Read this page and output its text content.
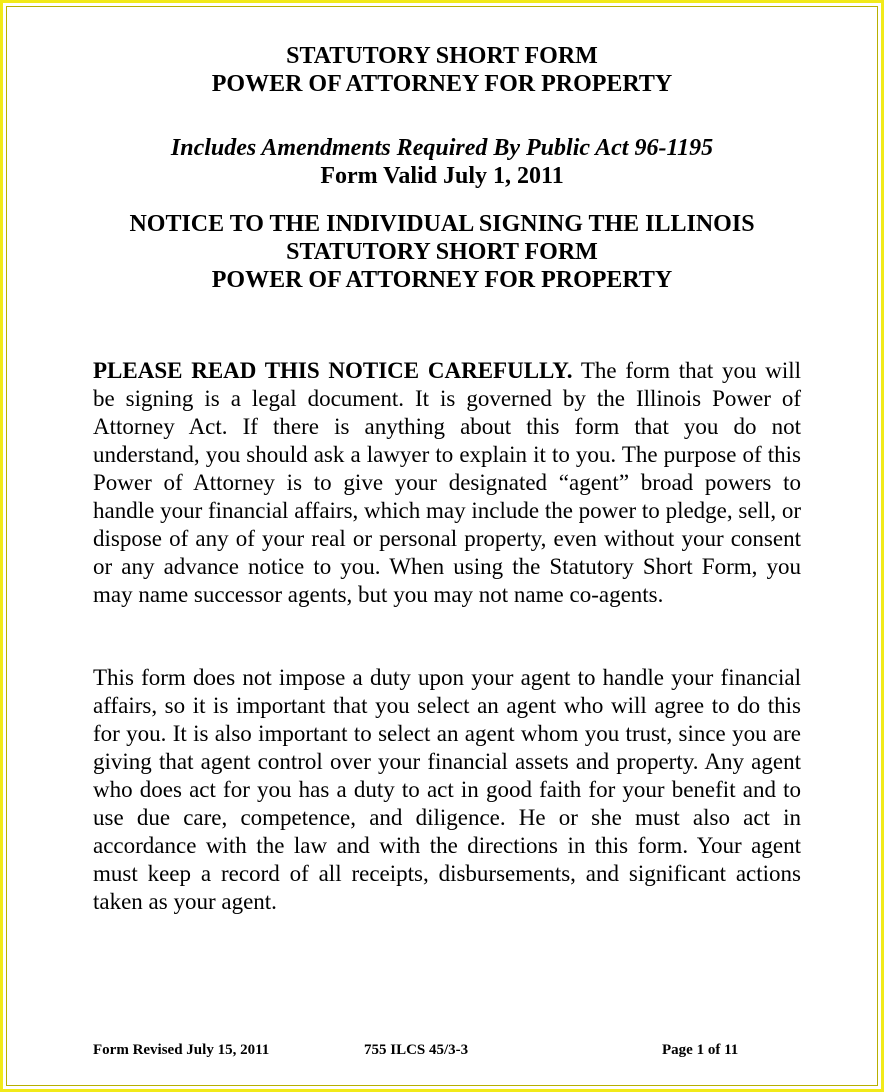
STATUTORY SHORT FORM
POWER OF ATTORNEY FOR PROPERTY
Includes Amendments Required By Public Act 96-1195
Form Valid July 1, 2011
NOTICE TO THE INDIVIDUAL SIGNING THE ILLINOIS
STATUTORY SHORT FORM
POWER OF ATTORNEY FOR PROPERTY

PLEASE READ THIS NOTICE CAREFULLY. The form that you will be signing is a legal document. It is governed by the Illinois Power of Attorney Act. If there is anything about this form that you do not understand, you should ask a lawyer to explain it to you. The purpose of this Power of Attorney is to give your designated “agent” broad powers to handle your financial affairs, which may include the power to pledge, sell, or dispose of any of your real or personal property, even without your consent or any advance notice to you. When using the Statutory Short Form, you may name successor agents, but you may not name co-agents.

This form does not impose a duty upon your agent to handle your financial affairs, so it is important that you select an agent who will agree to do this for you. It is also important to select an agent whom you trust, since you are giving that agent control over your financial assets and property. Any agent who does act for you has a duty to act in good faith for your benefit and to use due care, competence, and diligence. He or she must also act in accordance with the law and with the directions in this form. Your agent must keep a record of all receipts, disbursements, and significant actions taken as your agent.

Form Revised July 15, 2011	755 ILCS 45/3-3	Page 1 of 11
